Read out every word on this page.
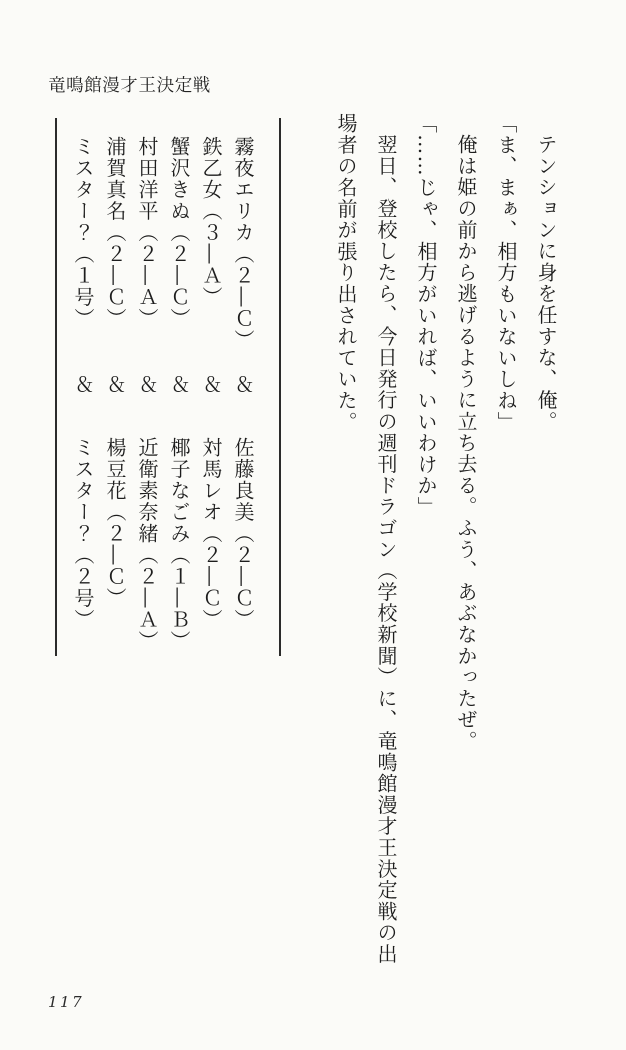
竜鳴館漫才王決定戦

テンションに身を任すな、俺。

「ま、まぁ、相方もいないしね」

俺は姫の前から逃げるように立ち去る。ふう、あぶなかったぜ。

「……じゃ、相方がいれば、いいわけか」

翌日、登校したら、今日発行の週刊ドラゴン（学校新聞）に、竜鳴館漫才王決定戦の出

場者の名前が張り出されていた。

霧夜エリカ（２―Ｃ）＆佐藤良美（２―Ｃ）

鉄乙女（３―Ａ）＆対馬レオ（２―Ｃ）

蟹沢きぬ（２―Ｃ）＆椰子なごみ（１―Ｂ）

村田洋平（２―Ａ）＆近衛素奈緒（２―Ａ）

浦賀真名（２―Ｃ）＆楊豆花（２―Ｃ）

ミスター？（１号）＆ミスター？（２号）

117
